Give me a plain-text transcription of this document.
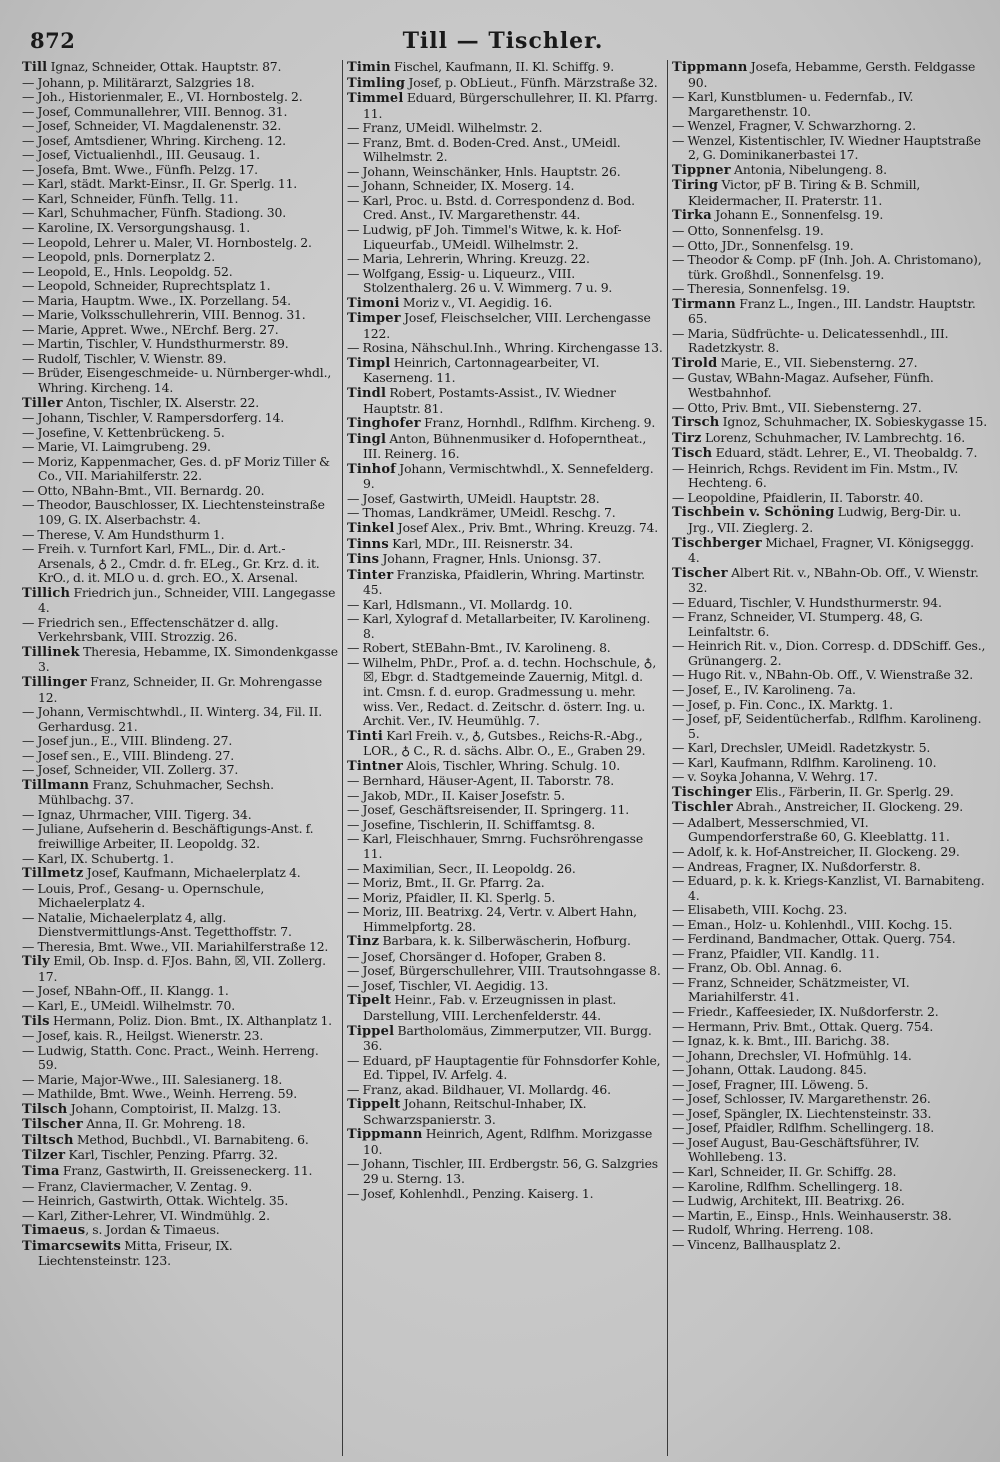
872	Till — Tischler.

Till Ignaz, Schneider, Ottak. Hauptstr. 87.

— Johann, p. Militärarzt, Salzgries 18.

— Joh., Historienmaler, E., VI. Hornbostelg. 2.

— Josef, Communallehrer, VIII. Bennog. 31.

— Josef, Schneider, VI. Magdalenenstr. 32.

— Josef, Amtsdiener, Whring. Kircheng. 12.

— Josef, Victualienhdl., III. Geusaug. 1.

— Josefa, Bmt. Wwe., Fünfh. Pelzg. 17.

— Karl, städt. Markt-Einsr., II. Gr. Sperlg. 11.

— Karl, Schneider, Fünfh. Tellg. 11.

— Karl, Schuhmacher, Fünfh. Stadiong. 30.

— Karoline, IX. Versorgungshausg. 1.

— Leopold, Lehrer u. Maler, VI. Hornbostelg. 2.

— Leopold, pnls. Dornerplatz 2.

— Leopold, E., Hnls. Leopoldg. 52.

— Leopold, Schneider, Ruprechtsplatz 1.

— Maria, Hauptm. Wwe., IX. Porzellang. 54.

— Marie, Volksschullehrerin, VIII. Bennog. 31.

— Marie, Appret. Wwe., NErchf. Berg. 27.

— Martin, Tischler, V. Hundsthurmerstr. 89.

— Rudolf, Tischler, V. Wienstr. 89.

— Brüder, Eisengeschmeide- u. Nürnberger-whdl., Whring. Kircheng. 14.

Tiller Anton, Tischler, IX. Alserstr. 22.

— Johann, Tischler, V. Rampersdorferg. 14.

— Josefine, V. Kettenbrückeng. 5.

— Marie, VI. Laimgrubeng. 29.

— Moriz, Kappenmacher, Ges. d. pF Moriz Tiller & Co., VII. Mariahilferstr. 22.

— Otto, NBahn-Bmt., VII. Bernardg. 20.

— Theodor, Bauschlosser, IX. Liechtensteinstraße 109, G. IX. Alserbachstr. 4.

— Therese, V. Am Hundsthurm 1.

— Freih. v. Turnfort Karl, FML., Dir. d. Art.-Arsenals, ♁ 2., Cmdr. d. fr. ELeg., Gr. Krz. d. it. KrO., d. it. MLO u. d. grch. EO., X. Arsenal.

Tillich Friedrich jun., Schneider, VIII. Langegasse 4.

— Friedrich sen., Effectenschätzer d. allg. Verkehrsbank, VIII. Strozzig. 26.

Tillinek Theresia, Hebamme, IX. Simondenkgasse 3.

Tillinger Franz, Schneider, II. Gr. Mohrengasse 12.

— Johann, Vermischtwhdl., II. Winterg. 34, Fil. II. Gerhardusg. 21.

— Josef jun., E., VIII. Blindeng. 27.

— Josef sen., E., VIII. Blindeng. 27.

— Josef, Schneider, VII. Zollerg. 37.

Tillmann Franz, Schuhmacher, Sechsh. Mühlbachg. 37.

— Ignaz, Uhrmacher, VIII. Tigerg. 34.

— Juliane, Aufseherin d. Beschäftigungs-Anst. f. freiwillige Arbeiter, II. Leopoldg. 32.

— Karl, IX. Schubertg. 1.

Tillmetz Josef, Kaufmann, Michaelerplatz 4.

— Louis, Prof., Gesang- u. Opernschule, Michaelerplatz 4.

— Natalie, Michaelerplatz 4, allg. Dienstvermittlungs-Anst. Tegetthoffstr. 7.

— Theresia, Bmt. Wwe., VII. Mariahilferstraße 12.

Tily Emil, Ob. Insp. d. FJos. Bahn, ☒, VII. Zollerg. 17.

— Josef, NBahn-Off., II. Klangg. 1.

— Karl, E., UMeidl. Wilhelmstr. 70.

Tils Hermann, Poliz. Dion. Bmt., IX. Althanplatz 1.

— Josef, kais. R., Heilgst. Wienerstr. 23.

— Ludwig, Statth. Conc. Pract., Weinh. Herreng. 59.

— Marie, Major-Wwe., III. Salesianerg. 18.

— Mathilde, Bmt. Wwe., Weinh. Herreng. 59.

Tilsch Johann, Comptoirist, II. Malzg. 13.

Tilscher Anna, II. Gr. Mohreng. 18.

Tiltsch Method, Buchbdl., VI. Barnabiteng. 6.

Tilzer Karl, Tischler, Penzing. Pfarrg. 32.

Tima Franz, Gastwirth, II. Greisseneckerg. 11.

— Franz, Claviermacher, V. Zentag. 9.

— Heinrich, Gastwirth, Ottak. Wichtelg. 35.

— Karl, Zither-Lehrer, VI. Windmühlg. 2.

Timaeus, s. Jordan & Timaeus.

Timarcsewits Mitta, Friseur, IX. Liechtensteinstr. 123.

Timin Fischel, Kaufmann, II. Kl. Schiffg. 9.

Timling Josef, p. ObLieut., Fünfh. Märzstraße 32.

Timmel Eduard, Bürgerschullehrer, II. Kl. Pfarrg. 11.

— Franz, UMeidl. Wilhelmstr. 2.

— Franz, Bmt. d. Boden-Cred. Anst., UMeidl. Wilhelmstr. 2.

— Johann, Weinschänker, Hnls. Hauptstr. 26.

— Johann, Schneider, IX. Moserg. 14.

— Karl, Proc. u. Bstd. d. Correspondenz d. Bod. Cred. Anst., IV. Margarethenstr. 44.

— Ludwig, pF Joh. Timmel's Witwe, k. k. Hof-Liqueurfab., UMeidl. Wilhelmstr. 2.

— Maria, Lehrerin, Whring. Kreuzg. 22.

— Wolfgang, Essig- u. Liqueurz., VIII. Stolzenthalerg. 26 u. V. Wimmerg. 7 u. 9.

Timoni Moriz v., VI. Aegidig. 16.

Timper Josef, Fleischselcher, VIII. Lerchengasse 122.

— Rosina, Nähschul.Inh., Whring. Kirchengasse 13.

Timpl Heinrich, Cartonnagearbeiter, VI. Kaserneng. 11.

Tindl Robert, Postamts-Assist., IV. Wiedner Hauptstr. 81.

Tinghofer Franz, Hornhdl., Rdlfhm. Kircheng. 9.

Tingl Anton, Bühnenmusiker d. Hofoperntheat., III. Reinerg. 16.

Tinhof Johann, Vermischtwhdl., X. Sennefelderg. 9.

— Josef, Gastwirth, UMeidl. Hauptstr. 28.

— Thomas, Landkrämer, UMeidl. Reschg. 7.

Tinkel Josef Alex., Priv. Bmt., Whring. Kreuzg. 74.

Tinns Karl, MDr., III. Reisnerstr. 34.

Tins Johann, Fragner, Hnls. Unionsg. 37.

Tinter Franziska, Pfaidlerin, Whring. Martinstr. 45.

— Karl, Hdlsmann., VI. Mollardg. 10.

— Karl, Xylograf d. Metallarbeiter, IV. Karolineng. 8.

— Robert, StEBahn-Bmt., IV. Karolineng. 8.

— Wilhelm, PhDr., Prof. a. d. techn. Hochschule, ♁, ☒, Ebgr. d. Stadtgemeinde Zauernig, Mitgl. d. int. Cmsn. f. d. europ. Gradmessung u. mehr. wiss. Ver., Redact. d. Zeitschr. d. österr. Ing. u. Archit. Ver., IV. Heumühlg. 7.

Tinti Karl Freih. v., ♁, Gutsbes., Reichs-R.-Abg., LOR., ♁ C., R. d. sächs. Albr. O., E., Graben 29.

Tintner Alois, Tischler, Whring. Schulg. 10.

— Bernhard, Häuser-Agent, II. Taborstr. 78.

— Jakob, MDr., II. Kaiser Josefstr. 5.

— Josef, Geschäftsreisender, II. Springerg. 11.

— Josefine, Tischlerin, II. Schiffamtsg. 8.

— Karl, Fleischhauer, Smrng. Fuchsröhrengasse 11.

— Maximilian, Secr., II. Leopoldg. 26.

— Moriz, Bmt., II. Gr. Pfarrg. 2a.

— Moriz, Pfaidler, II. Kl. Sperlg. 5.

— Moriz, III. Beatrixg. 24, Vertr. v. Albert Hahn, Himmelpfortg. 28.

Tinz Barbara, k. k. Silberwäscherin, Hofburg.

— Josef, Chorsänger d. Hofoper, Graben 8.

— Josef, Bürgerschullehrer, VIII. Trautsohngasse 8.

— Josef, Tischler, VI. Aegidig. 13.

Tipelt Heinr., Fab. v. Erzeugnissen in plast. Darstellung, VIII. Lerchenfelderstr. 44.

Tippel Bartholomäus, Zimmerputzer, VII. Burgg. 36.

— Eduard, pF Hauptagentie für Fohnsdorfer Kohle, Ed. Tippel, IV. Arfelg. 4.

— Franz, akad. Bildhauer, VI. Mollardg. 46.

Tippelt Johann, Reitschul-Inhaber, IX. Schwarzspanierstr. 3.

Tippmann Heinrich, Agent, Rdlfhm. Morizgasse 10.

— Johann, Tischler, III. Erdbergstr. 56, G. Salzgries 29 u. Sterng. 13.

— Josef, Kohlenhdl., Penzing. Kaiserg. 1.

Tippmann Josefa, Hebamme, Gersth. Feldgasse 90.

— Karl, Kunstblumen- u. Federnfab., IV. Margarethenstr. 10.

— Wenzel, Fragner, V. Schwarzhorng. 2.

— Wenzel, Kistentischler, IV. Wiedner Hauptstraße 2, G. Dominikanerbastei 17.

Tippner Antonia, Nibelungeng. 8.

Tiring Victor, pF B. Tiring & B. Schmill, Kleidermacher, II. Praterstr. 11.

Tirka Johann E., Sonnenfelsg. 19.

— Otto, Sonnenfelsg. 19.

— Otto, JDr., Sonnenfelsg. 19.

— Theodor & Comp. pF (Inh. Joh. A. Christomano), türk. Großhdl., Sonnenfelsg. 19.

— Theresia, Sonnenfelsg. 19.

Tirmann Franz L., Ingen., III. Landstr. Hauptstr. 65.

— Maria, Südfrüchte- u. Delicatessenhdl., III. Radetzkystr. 8.

Tirold Marie, E., VII. Siebensterng. 27.

— Gustav, WBahn-Magaz. Aufseher, Fünfh. Westbahnhof.

— Otto, Priv. Bmt., VII. Siebensterng. 27.

Tirsch Ignoz, Schuhmacher, IX. Sobieskygasse 15.

Tirz Lorenz, Schuhmacher, IV. Lambrechtg. 16.

Tisch Eduard, städt. Lehrer, E., VI. Theobaldg. 7.

— Heinrich, Rchgs. Revident im Fin. Mstm., IV. Hechteng. 6.

— Leopoldine, Pfaidlerin, II. Taborstr. 40.

Tischbein v. Schöning Ludwig, Berg-Dir. u. Jrg., VII. Zieglerg. 2.

Tischberger Michael, Fragner, VI. Königseggg. 4.

Tischer Albert Rit. v., NBahn-Ob. Off., V. Wienstr. 32.

— Eduard, Tischler, V. Hundsthurmerstr. 94.

— Franz, Schneider, VI. Stumperg. 48, G. Leinfaltstr. 6.

— Heinrich Rit. v., Dion. Corresp. d. DDSchiff. Ges., Grünangerg. 2.

— Hugo Rit. v., NBahn-Ob. Off., V. Wienstraße 32.

— Josef, E., IV. Karolineng. 7a.

— Josef, p. Fin. Conc., IX. Marktg. 1.

— Josef, pF, Seidentücherfab., Rdlfhm. Karolineng. 5.

— Karl, Drechsler, UMeidl. Radetzkystr. 5.

— Karl, Kaufmann, Rdlfhm. Karolineng. 10.

— v. Soyka Johanna, V. Wehrg. 17.

Tischinger Elis., Färberin, II. Gr. Sperlg. 29.

Tischler Abrah., Anstreicher, II. Glockeng. 29.

— Adalbert, Messerschmied, VI. Gumpendorferstraße 60, G. Kleeblattg. 11.

— Adolf, k. k. Hof-Anstreicher, II. Glockeng. 29.

— Andreas, Fragner, IX. Nußdorferstr. 8.

— Eduard, p. k. k. Kriegs-Kanzlist, VI. Barnabiteng. 4.

— Elisabeth, VIII. Kochg. 23.

— Eman., Holz- u. Kohlenhdl., VIII. Kochg. 15.

— Ferdinand, Bandmacher, Ottak. Querg. 754.

— Franz, Pfaidler, VII. Kandlg. 11.

— Franz, Ob. Obl. Annag. 6.

— Franz, Schneider, Schätzmeister, VI. Mariahilferstr. 41.

— Friedr., Kaffeesieder, IX. Nußdorferstr. 2.

— Hermann, Priv. Bmt., Ottak. Querg. 754.

— Ignaz, k. k. Bmt., III. Barichg. 38.

— Johann, Drechsler, VI. Hofmühlg. 14.

— Johann, Ottak. Laudong. 845.

— Josef, Fragner, III. Löweng. 5.

— Josef, Schlosser, IV. Margarethenstr. 26.

— Josef, Spängler, IX. Liechtensteinstr. 33.

— Josef, Pfaidler, Rdlfhm. Schellingerg. 18.

— Josef August, Bau-Geschäftsführer, IV. Wohllebeng. 13.

— Karl, Schneider, II. Gr. Schiffg. 28.

— Karoline, Rdlfhm. Schellingerg. 18.

— Ludwig, Architekt, III. Beatrixg. 26.

— Martin, E., Einsp., Hnls. Weinhauserstr. 38.

— Rudolf, Whring. Herreng. 108.

— Vincenz, Ballhausplatz 2.
